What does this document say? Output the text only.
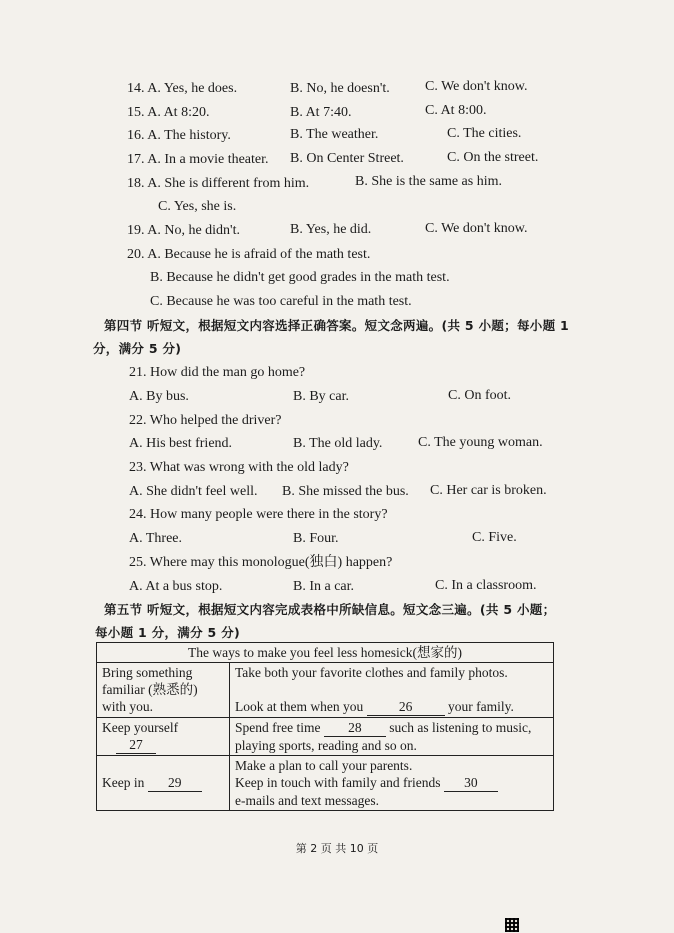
14. A. Yes, he does.	B. No, he doesn't.	C. We don't know.
15. A. At 8:20.	B. At 7:40.	C. At 8:00.
16. A. The history.	B. The weather.	C. The cities.
17. A. In a movie theater. B. On Center Street.	C. On the street.
18. A. She is different from him.	B. She is the same as him.
C. Yes, she is.
19. A. No, he didn't.	B. Yes, he did.	C. We don't know.
20. A. Because he is afraid of the math test.
B. Because he didn't get good grades in the math test.
C. Because he was too careful in the math test.
第四节 听短文，根据短文内容选择正确答案。短文念两遍。(共 5 小题；每小题 1
分，满分 5 分)
21. How did the man go home?
A. By bus.	B. By car.	C. On foot.
22. Who helped the driver?
A. His best friend.	B. The old lady.	C. The young woman.
23. What was wrong with the old lady?
A. She didn't feel well. B. She missed the bus. C. Her car is broken.
24. How many people were there in the story?
A. Three.	B. Four.	C. Five.
25. Where may this monologue(独白) happen?
A. At a bus stop.	B. In a car.	C. In a classroom.
第五节 听短文，根据短文内容完成表格中所缺信息。短文念三遍。(共 5 小题；
每小题 1 分，满分 5 分)
The ways to make you feel less homesick(想家的)	
Bring something familiar (熟悉的) with you.	Take both your favorite clothes and family photos.
Look at them when you 26 your family.

Keep yourself
27	Spend free time 28 such as listening to music, playing sports, reading and so on.
Keep in 29	Make a plan to call your parents.
Keep in touch with family and friends 30
e-mails and text messages.
第 2 页 共 10 页
